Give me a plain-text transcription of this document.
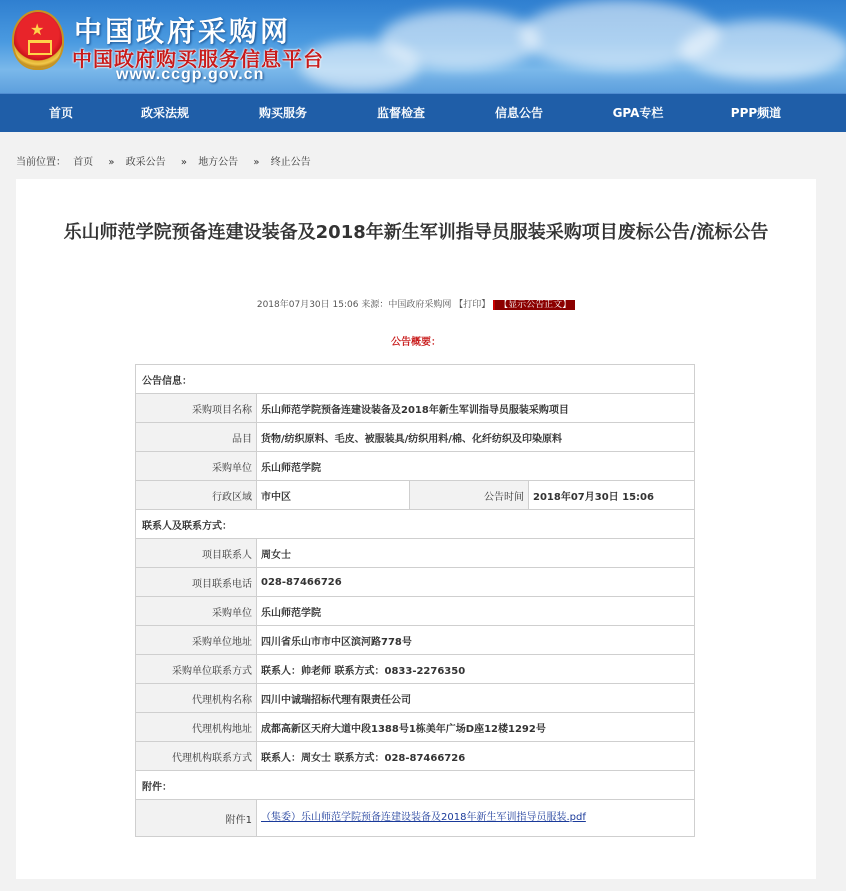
★ 中国政府采购网
中国政府购买服务信息平台
www.ccgp.gov.cn
首页	政采法规	购买服务	监督检查	信息公告	GPA专栏	PPP频道
当前位置： 首页 » 政采公告 » 地方公告 » 终止公告
乐山师范学院预备连建设装备及2018年新生军训指导员服装采购项目废标公告/流标公告
2018年07月30日 15:06 来源：中国政府采购网 【打印】 【显示公告正文】
公告概要：
公告信息：			
采购项目名称	乐山师范学院预备连建设装备及2018年新生军训指导员服装采购项目		
品目	货物/纺织原料、毛皮、被服装具/纺织用料/棉、化纤纺织及印染原料		
采购单位	乐山师范学院		
行政区域	市中区	公告时间	2018年07月30日 15:06
联系人及联系方式：			
项目联系人	周女士		
项目联系电话	028-87466726		
采购单位	乐山师范学院		
采购单位地址	四川省乐山市市中区滨河路778号		
采购单位联系方式	联系人：帅老师 联系方式：0833-2276350		
代理机构名称	四川中诚瑞招标代理有限责任公司		
代理机构地址	成都高新区天府大道中段1388号1栋美年广场D座12楼1292号		
代理机构联系方式	联系人：周女士 联系方式：028-87466726		
附件：			
附件1	（集委）乐山师范学院预备连建设装备及2018年新生军训指导员服装.pdf		
